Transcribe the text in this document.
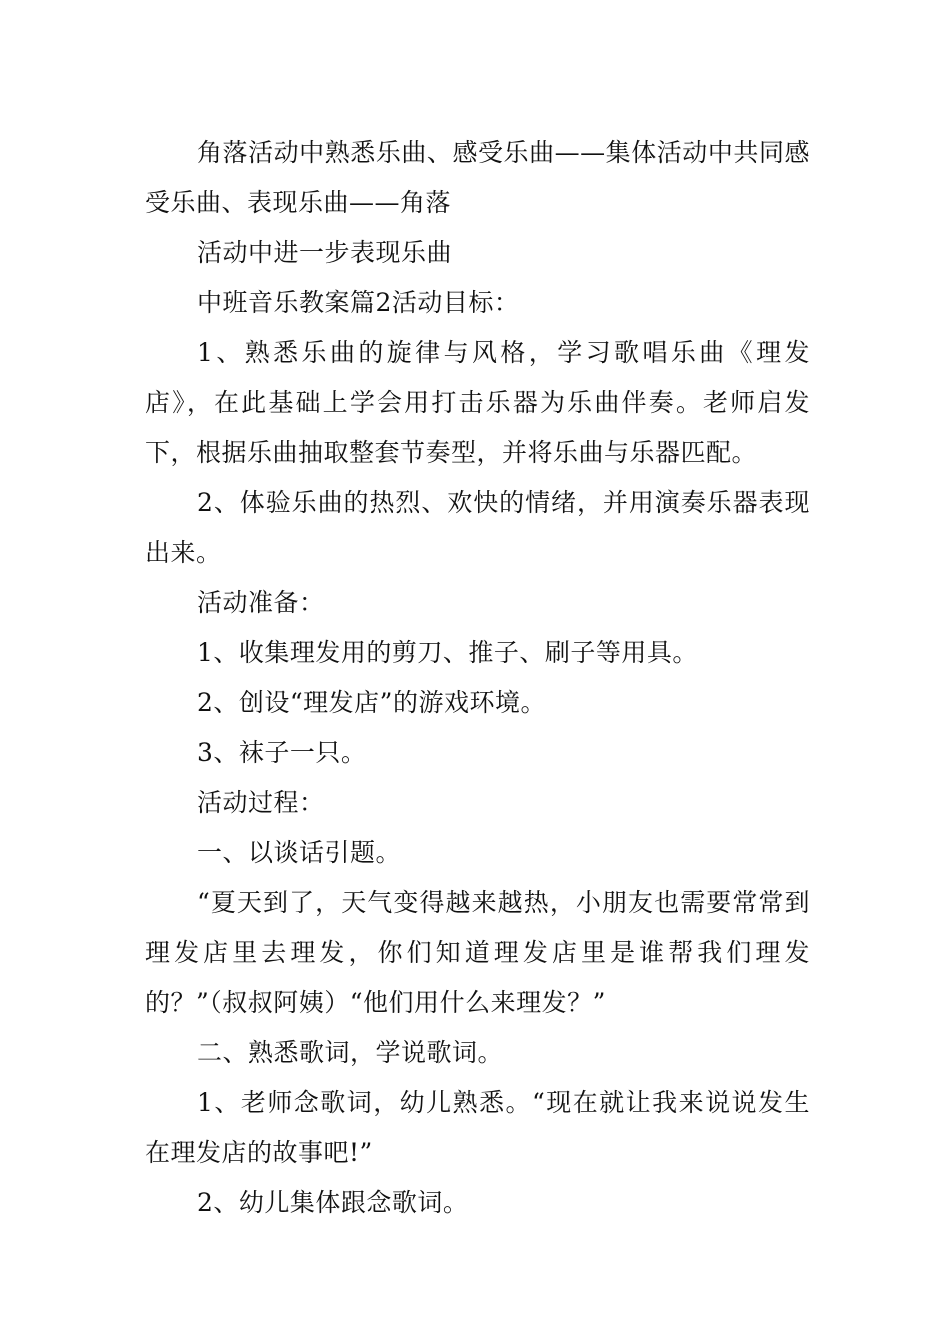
角落活动中熟悉乐曲、感受乐曲——集体活动中共同感受乐曲、表现乐曲——角落

活动中进一步表现乐曲

中班音乐教案篇2活动目标：

1、熟悉乐曲的旋律与风格，学习歌唱乐曲《理发店》，在此基础上学会用打击乐器为乐曲伴奏。老师启发下，根据乐曲抽取整套节奏型，并将乐曲与乐器匹配。

2、体验乐曲的热烈、欢快的情绪，并用演奏乐器表现出来。

活动准备：

1、收集理发用的剪刀、推子、刷子等用具。

2、创设“理发店”的游戏环境。

3、袜子一只。

活动过程：

一、以谈话引题。

“夏天到了，天气变得越来越热，小朋友也需要常常到理发店里去理发，你们知道理发店里是谁帮我们理发的？”（叔叔阿姨）“他们用什么来理发？”

二、熟悉歌词，学说歌词。

1、老师念歌词，幼儿熟悉。“现在就让我来说说发生在理发店的故事吧!”

2、幼儿集体跟念歌词。
